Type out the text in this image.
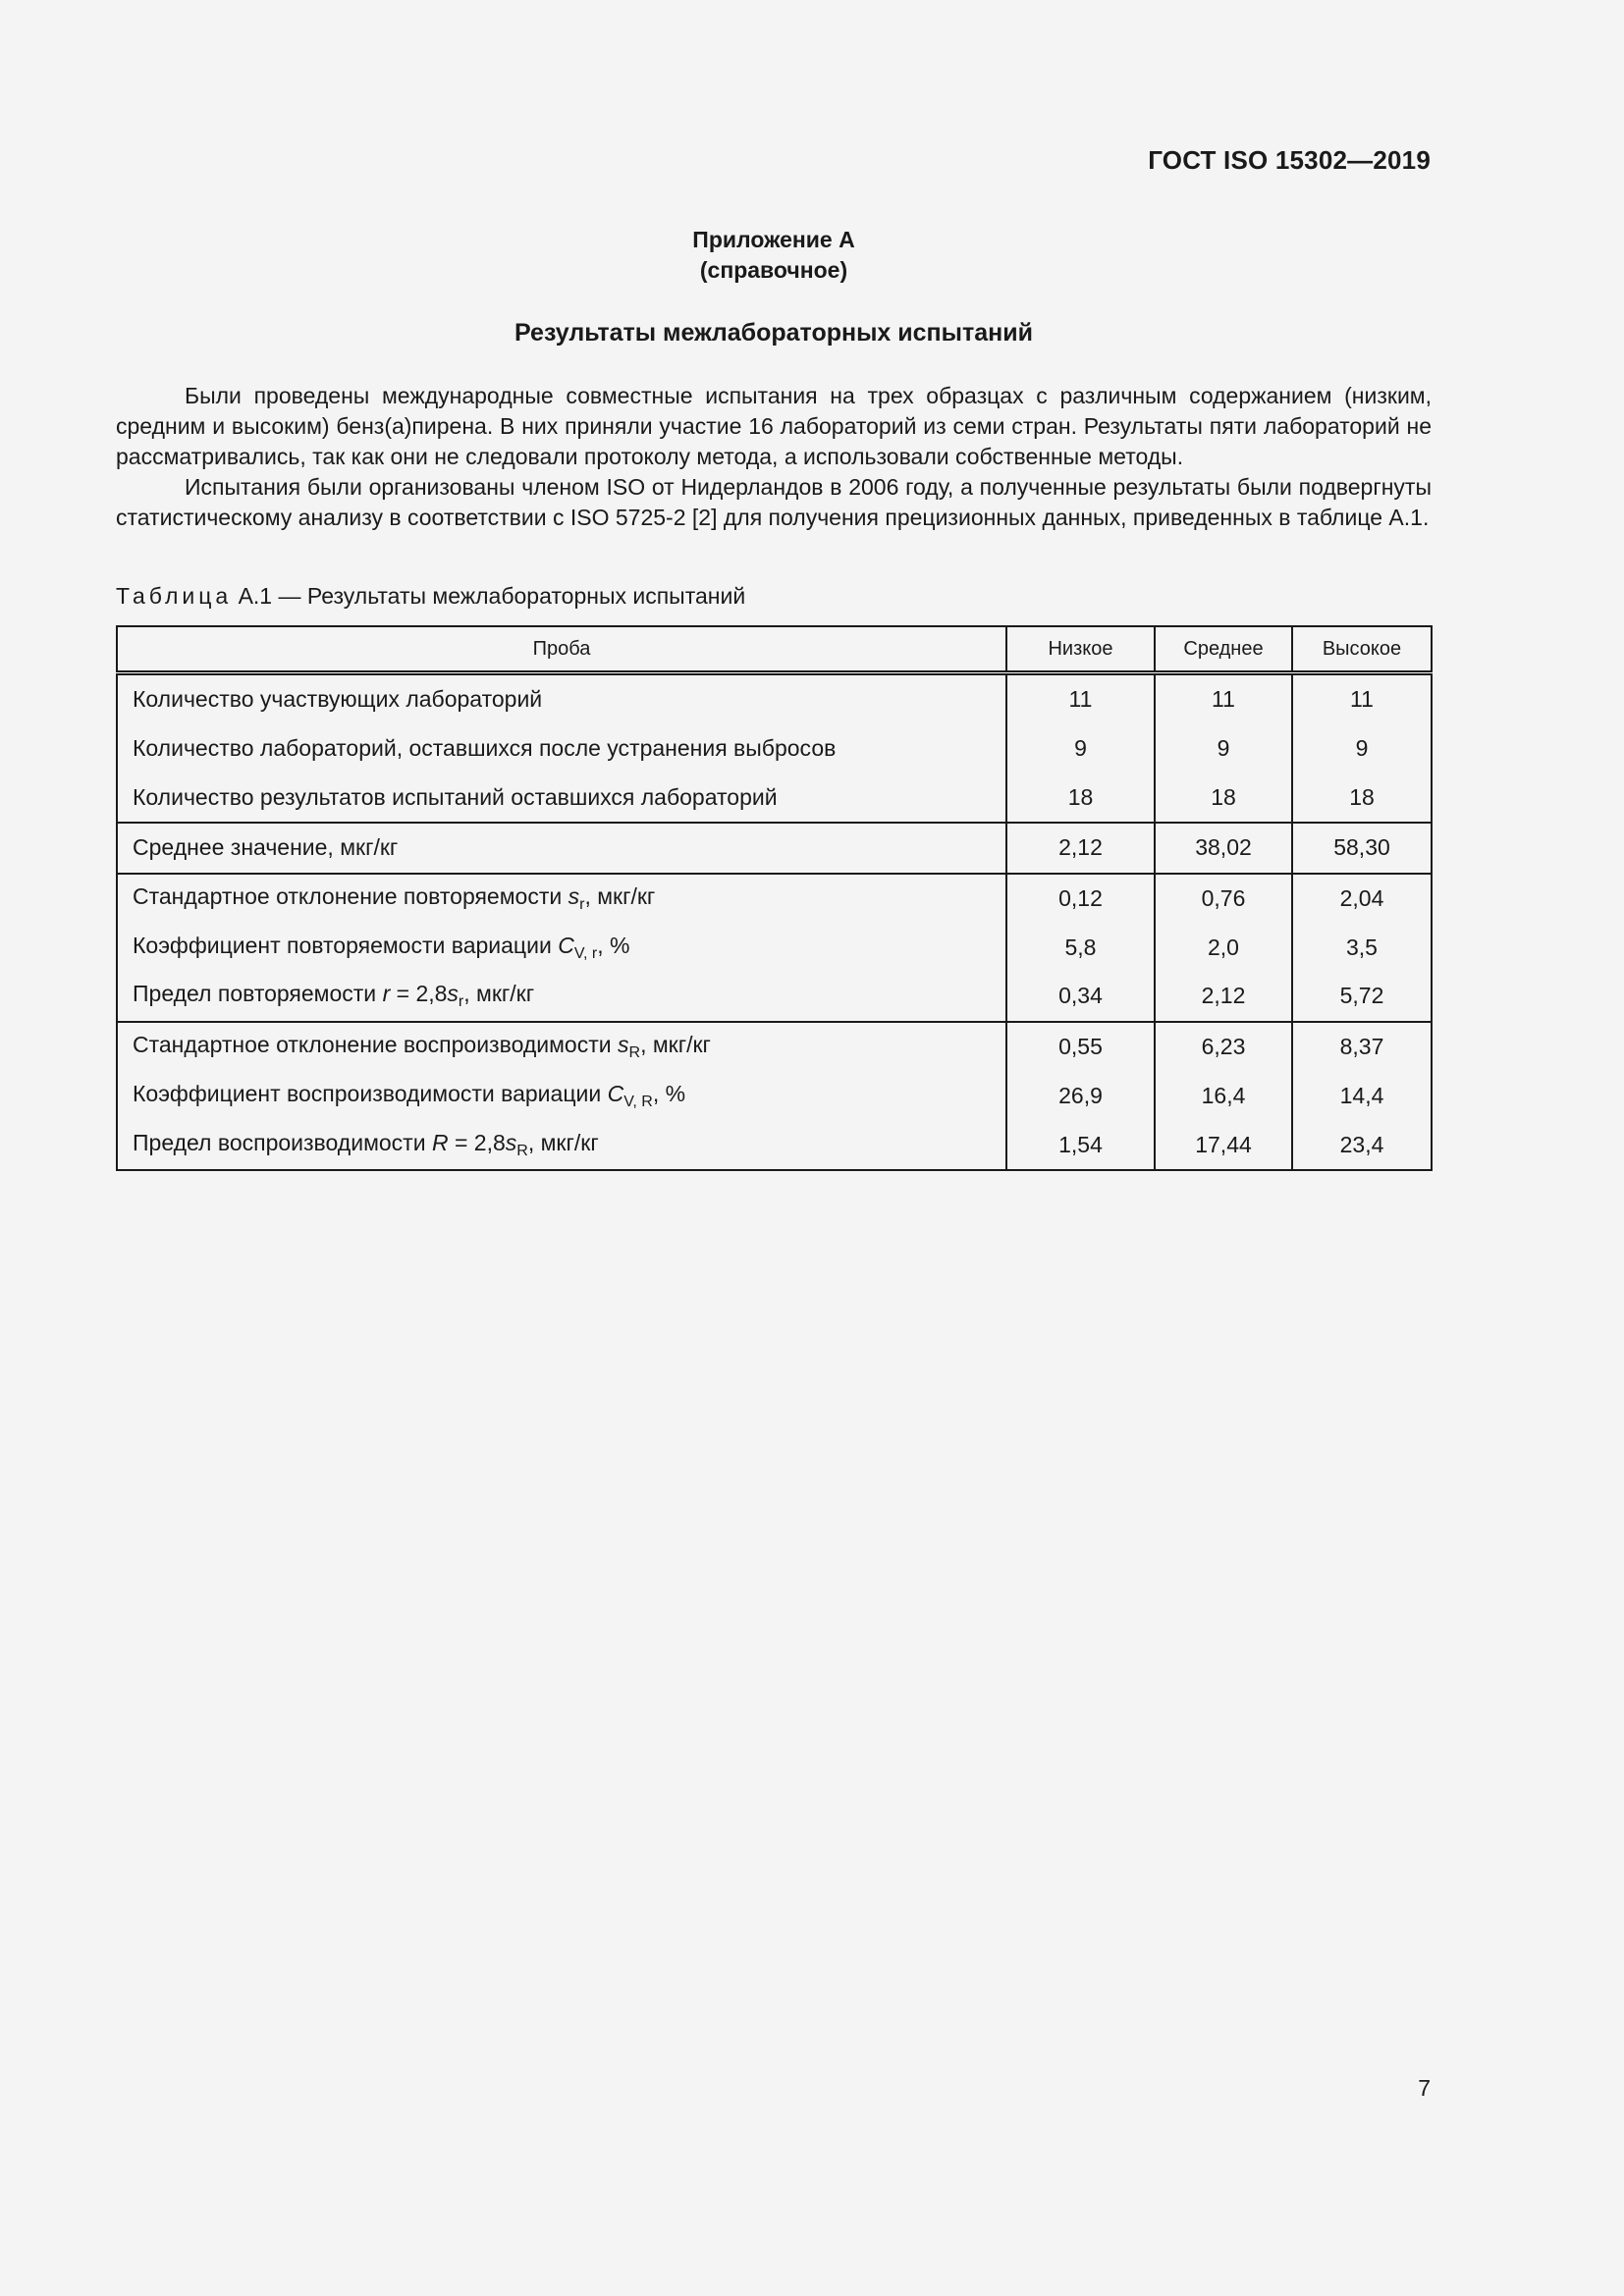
ГОСТ ISO 15302—2019
Приложение А
(справочное)
Результаты межлабораторных испытаний

Были проведены международные совместные испытания на трех образцах с различным содержанием (низким, средним и высоким) бенз(а)пирена. В них приняли участие 16 лабораторий из семи стран. Результаты пяти лабораторий не рассматривались, так как они не следовали протоколу метода, а использовали собственные методы.

Испытания были организованы членом ISO от Нидерландов в 2006 году, а полученные результаты были подвергнуты статистическому анализу в соответствии с ISO 5725-2 [2] для получения прецизионных данных, приведенных в таблице А.1.

Таблица А.1 — Результаты межлабораторных испытаний
Проба	Низкое	Среднее	Высокое
Количество участвующих лабораторий	11	11	11
Количество лабораторий, оставшихся после устранения выбросов	9	9	9
Количество результатов испытаний оставшихся лабораторий	18	18	18
Среднее значение, мкг/кг	2,12	38,02	58,30
Стандартное отклонение повторяемости $s_r$, мкг/кг	0,12	0,76	2,04
Коэффициент повторяемости вариации $C_{V, r}$, %	5,8	2,0	3,5
Предел повторяемости $r = 2,8s_r$, мкг/кг	0,34	2,12	5,72
Стандартное отклонение воспроизводимости $s_R$, мкг/кг	0,55	6,23	8,37
Коэффициент воспроизводимости вариации $C_{V, R}$, %	26,9	16,4	14,4
Предел воспроизводимости $R = 2,8s_R$, мкг/кг	1,54	17,44	23,4
7
